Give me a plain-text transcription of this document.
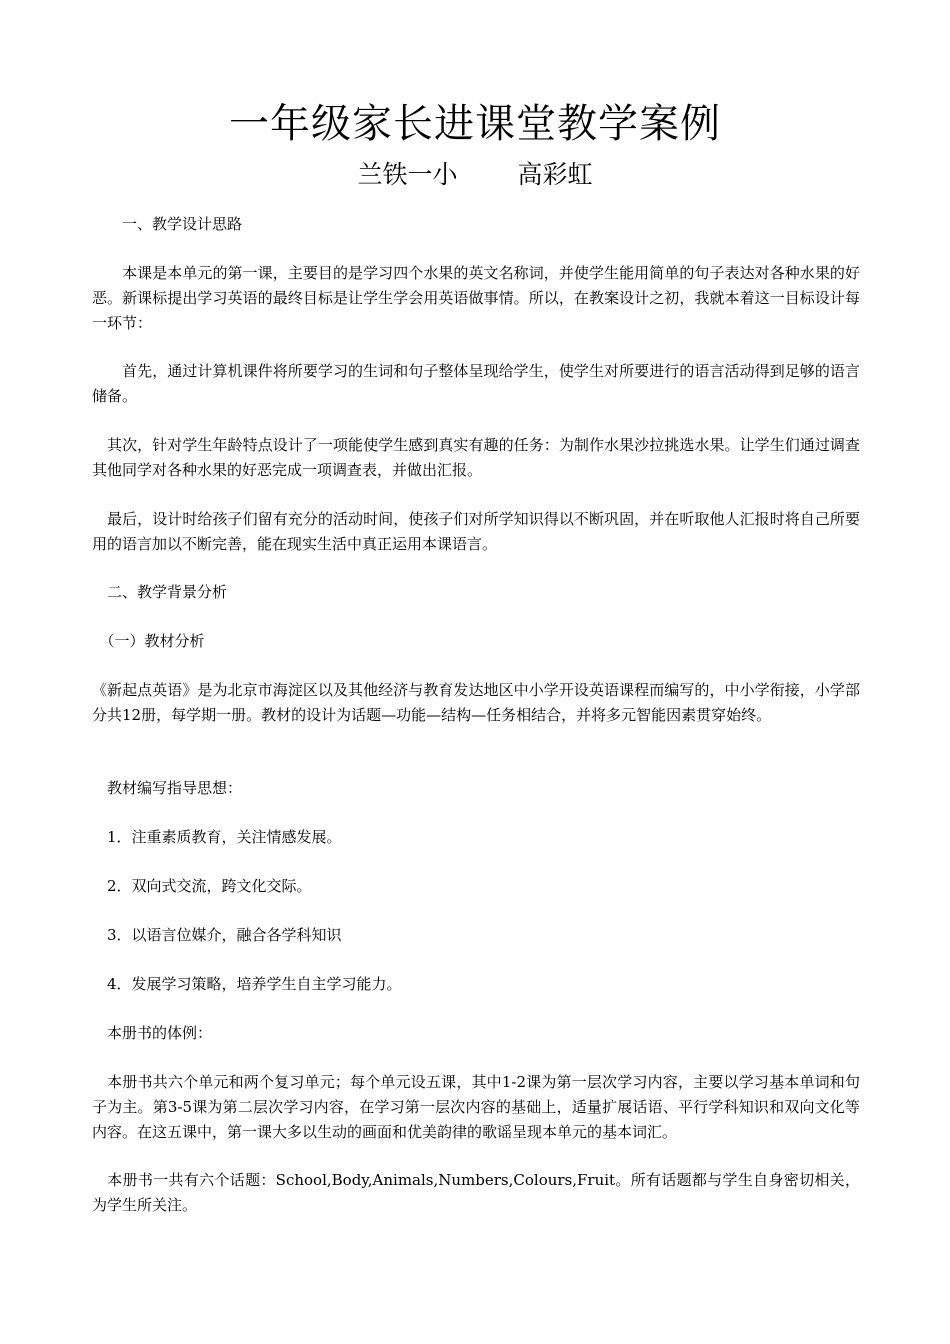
一年级家长进课堂教学案例
兰铁一小 高彩虹

　　一、教学设计思路

　　本课是本单元的第一课，主要目的是学习四个水果的英文名称词，并使学生能用简单的句子表达对各种水果的好恶。新课标提出学习英语的最终目标是让学生学会用英语做事情。所以，在教案设计之初，我就本着这一目标设计每一环节：

　　首先，通过计算机课件将所要学习的生词和句子整体呈现给学生，使学生对所要进行的语言活动得到足够的语言储备。

　其次，针对学生年龄特点设计了一项能使学生感到真实有趣的任务：为制作水果沙拉挑选水果。让学生们通过调查其他同学对各种水果的好恶完成一项调查表，并做出汇报。

　最后，设计时给孩子们留有充分的活动时间，使孩子们对所学知识得以不断巩固，并在听取他人汇报时将自己所要用的语言加以不断完善，能在现实生活中真正运用本课语言。

　二、教学背景分析

　（一）教材分析

《新起点英语》是为北京市海淀区以及其他经济与教育发达地区中小学开设英语课程而编写的，中小学衔接，小学部分共12册，每学期一册。教材的设计为话题—功能—结构—任务相结合，并将多元智能因素贯穿始终。

　教材编写指导思想：

　1．注重素质教育，关注情感发展。

　2．双向式交流，跨文化交际。

　3．以语言位媒介，融合各学科知识

　4．发展学习策略，培养学生自主学习能力。

　本册书的体例：

　本册书共六个单元和两个复习单元；每个单元设五课，其中1-2课为第一层次学习内容，主要以学习基本单词和句子为主。第3-5课为第二层次学习内容，在学习第一层次内容的基础上，适量扩展话语、平行学科知识和双向文化等内容。在这五课中，第一课大多以生动的画面和优美韵律的歌谣呈现本单元的基本词汇。

　本册书一共有六个话题：School,Body,Animals,Numbers,Colours,Fruit。所有话题都与学生自身密切相关，为学生所关注。
